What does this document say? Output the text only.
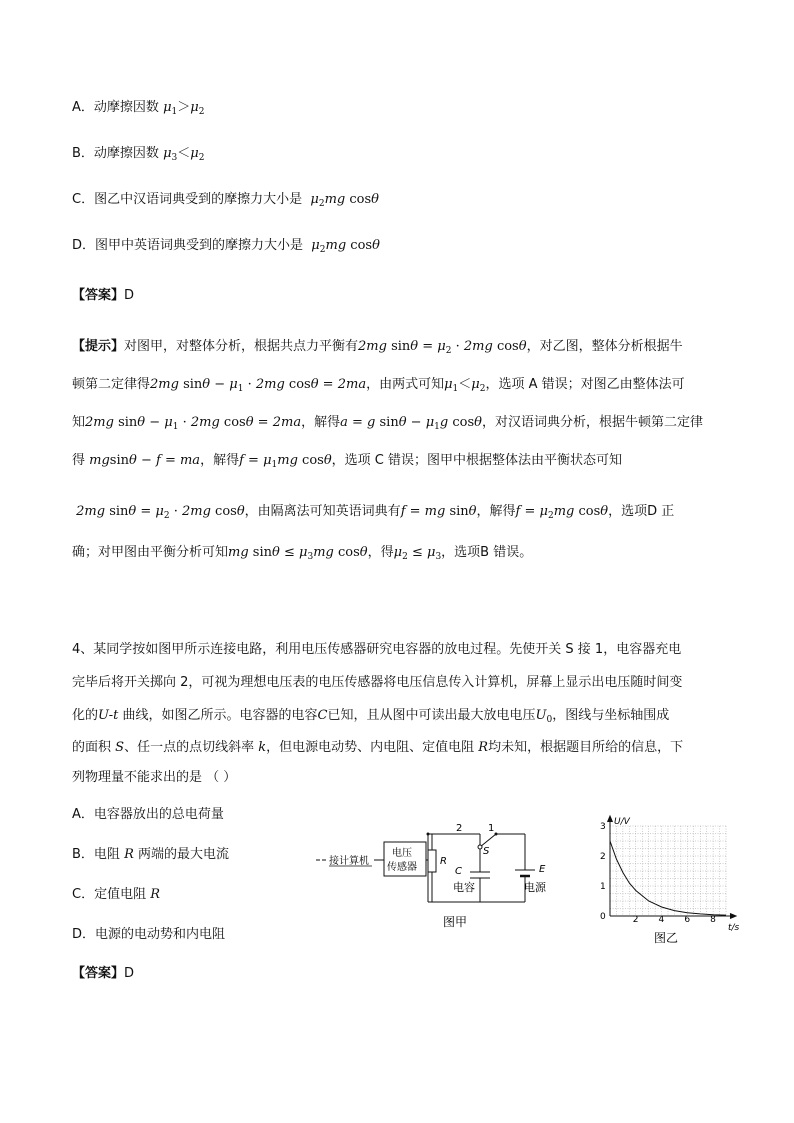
A．动摩擦因数 $\mu_1>\mu_2$
B．动摩擦因数 $\mu_3<\mu_2$
C．图乙中汉语词典受到的摩擦力大小是  $\mu_2mg$ cosθ
D．图甲中英语词典受到的摩擦力大小是  $\mu_2mg$ cosθ
【答案】D
【提示】对图甲，对整体分析，根据共点力平衡有2mg $\sin\theta = \mu_2 \cdot 2mg$ cosθ，对乙图，整体分析根据牛
顿第二定律得2mg $\sin\theta - \mu_1 \cdot 2mg$ cosθ = 2ma，由两式可知$\mu_1<\mu_2$，选项 A 错误；对图乙由整体法可
知2mg $\sin\theta - \mu_1 \cdot 2mg$ cosθ = 2ma，解得a = g $\sin\theta - \mu_1g$ cosθ，对汉语词典分析，根据牛顿第二定律
得 mgsinθ − f = ma，解得$f = \mu_1mg$ cosθ，选项 C 错误；图甲中根据整体法由平衡状态可知
2mg $\sin\theta = \mu_2 \cdot 2mg$ cosθ，由隔离法可知英语词典有f = mg sinθ，解得$f = \mu_2mg$ cosθ，选项D 正
确；对甲图由平衡分析可知mg $\sin\theta \le \mu_3mg$ cosθ，得$\mu_2 \le \mu_3$，选项B 错误。
4、某同学按如图甲所示连接电路，利用电压传感器研究电容器的放电过程。先使开关 S 接 1，电容器充电
完毕后将开关掷向 2，可视为理想电压表的电压传感器将电压信息传入计算机，屏幕上显示出电压随时间变
化的U-t 曲线，如图乙所示。电容器的电容C已知，且从图中可读出最大放电电压$U_0$，图线与坐标轴围成
的面积 S、任一点的点切线斜率 k，但电源电动势、内电阻、定值电阻 R均未知，根据题目所给的信息，下
列物理量不能求出的是 （ ）
A．电容器放出的总电荷量
B．电阻 R 两端的最大电流
C．定值电阻 R
D．电源的电动势和内电阻
【答案】D
接计算机
电压
传感器
R
2	1
S
C
电容
E
电源
图甲	0	2 4 6 8
1
2
3 U/V
t/s
图乙
